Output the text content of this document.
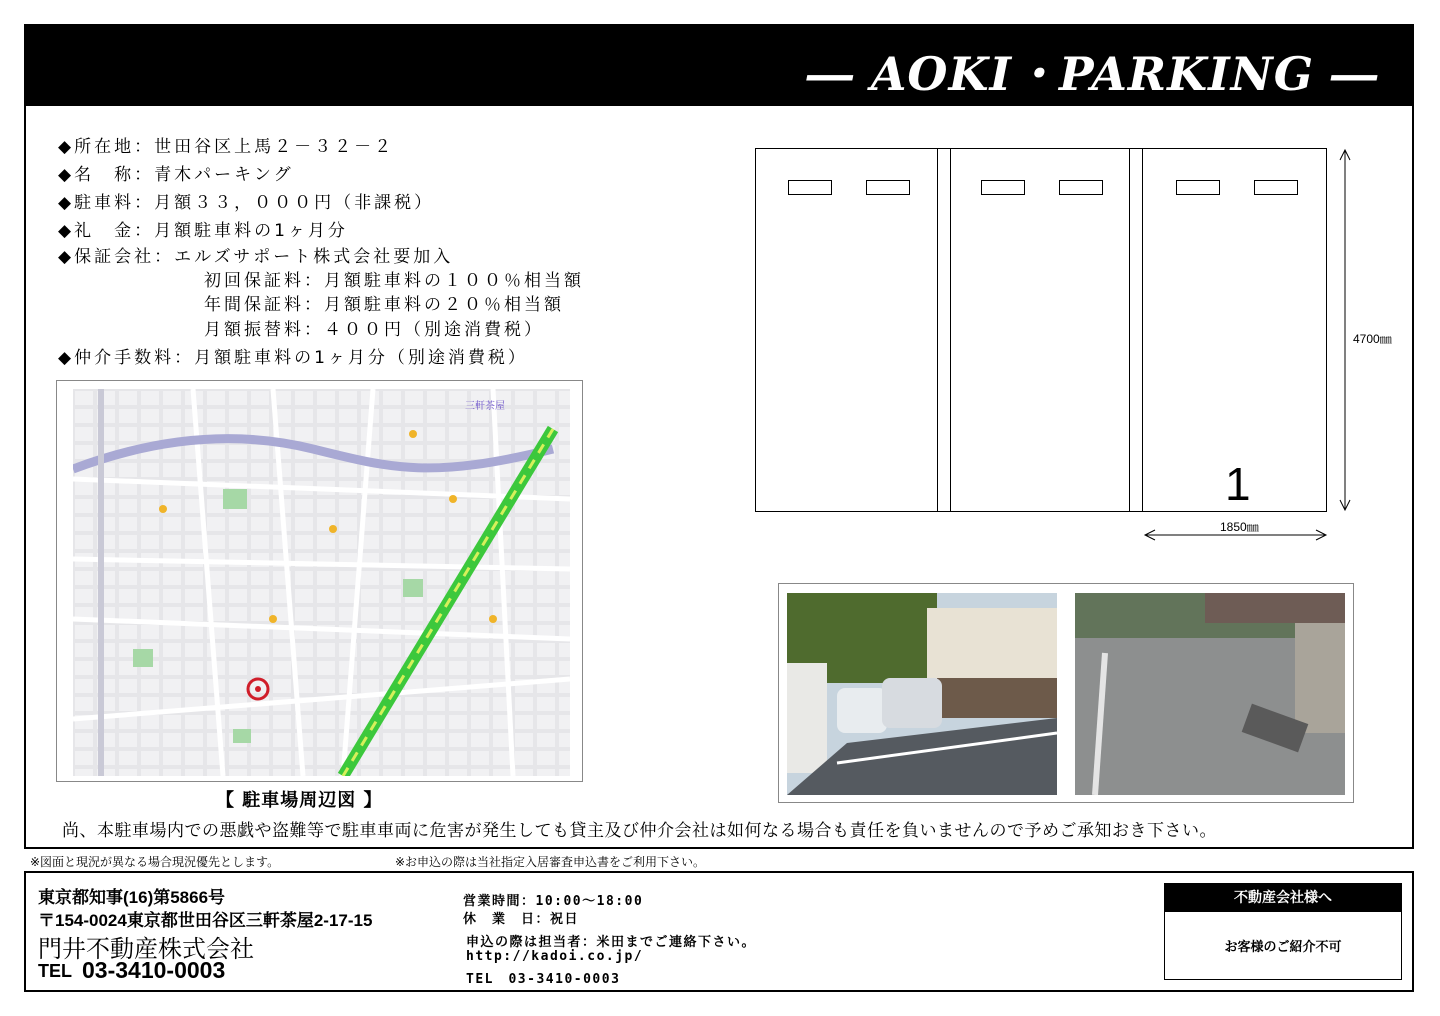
― AOKI・PARKING ―
◆所在地：世田谷区上馬２－３２－２
◆名　称：青木パーキング
◆駐車料：月額３３，０００円（非課税）
◆礼　金：月額駐車料の1ヶ月分
◆保証会社：エルズサポート株式会社要加入
初回保証料：月額駐車料の１００％相当額
年間保証料：月額駐車料の２０％相当額
月額振替料：４００円（別途消費税）
◆仲介手数料：月額駐車料の1ヶ月分（別途消費税）
1
4700㎜
1850㎜
三軒茶屋
【 駐車場周辺図 】
尚、本駐車場内での悪戯や盗難等で駐車車両に危害が発生しても貸主及び仲介会社は如何なる場合も責任を負いませんので予めご承知おき下さい。
※図面と現況が異なる場合現況優先とします。	※お申込の際は当社指定入居審査申込書をご利用下さい。
東京都知事(16)第5866号
〒154-0024東京都世田谷区三軒茶屋2-17-15
門井不動産株式会社
TEL 03-3410-0003
営業時間：10:00～18:00
休　業　日：祝日
申込の際は担当者：米田までご連絡下さい。
http://kadoi.co.jp/
TEL　03-3410-0003
不動産会社様へ
お客様のご紹介不可
